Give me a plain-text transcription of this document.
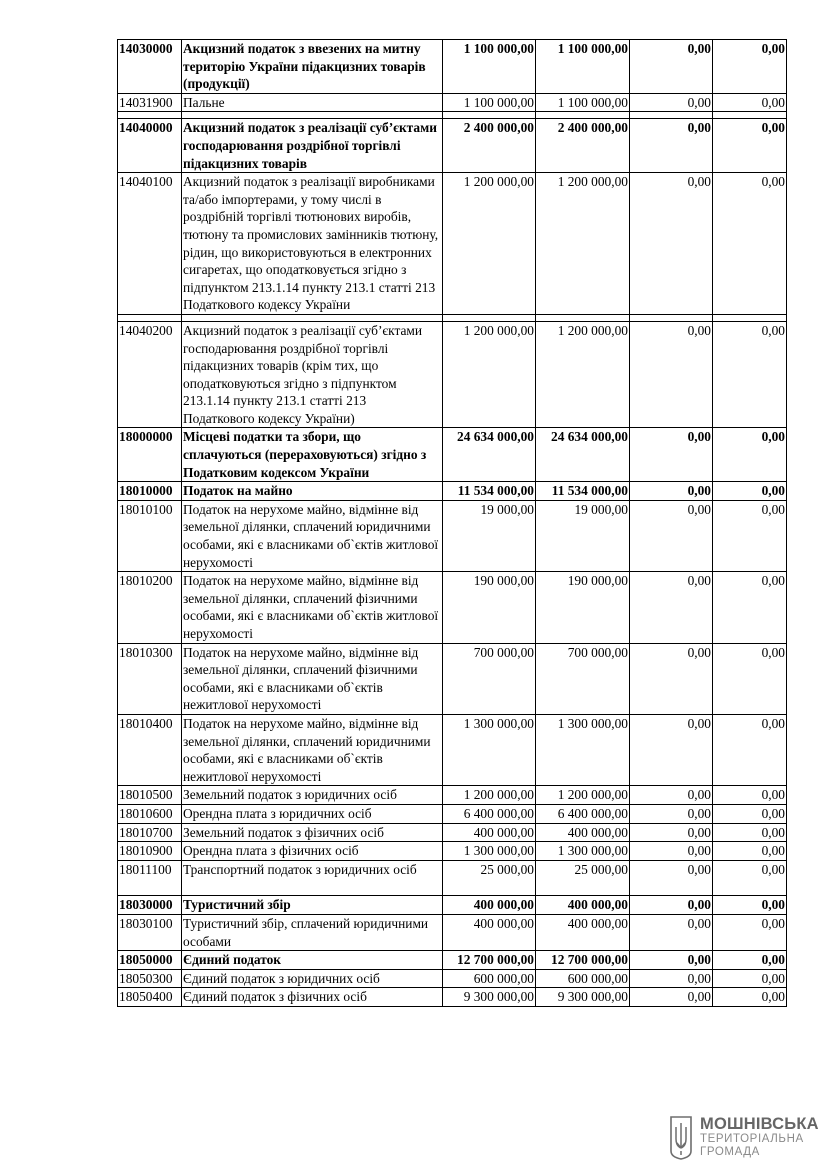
14030000	Акцизний податок з ввезених на митну територію України підакцизних товарів (продукції)	1 100 000,00	1 100 000,00	0,00	0,00
14031900	Пальне	1 100 000,00	1 100 000,00	0,00	0,00

14040000	Акцизний податок з реалізації суб’єктами господарювання роздрібної торгівлі підакцизних товарів	2 400 000,00	2 400 000,00	0,00	0,00
14040100	Акцизний податок з реалізації виробниками та/або імпортерами, у тому числі в роздрібній торгівлі тютюнових виробів, тютюну та промислових замінників тютюну, рідин, що використовуються в електронних сигаретах, що оподатковується згідно з підпунктом 213.1.14 пункту 213.1 статті 213 Податкового кодексу України	1 200 000,00	1 200 000,00	0,00	0,00

14040200	Акцизний податок з реалізації суб’єктами господарювання роздрібної торгівлі підакцизних товарів (крім тих, що оподатковуються згідно з підпунктом 213.1.14 пункту 213.1 статті 213 Податкового кодексу України)	1 200 000,00	1 200 000,00	0,00	0,00
18000000	Місцеві податки та збори, що сплачуються (перераховуються) згідно з Податковим кодексом України	24 634 000,00	24 634 000,00	0,00	0,00
18010000	Податок на майно	11 534 000,00	11 534 000,00	0,00	0,00
18010100	Податок на нерухоме майно, відмінне від земельної ділянки, сплачений юридичними особами, які є власниками об`єктів житлової нерухомості	19 000,00	19 000,00	0,00	0,00
18010200	Податок на нерухоме майно, відмінне від земельної ділянки, сплачений фізичними особами, які є власниками об`єктів житлової нерухомості	190 000,00	190 000,00	0,00	0,00
18010300	Податок на нерухоме майно, відмінне від земельної ділянки, сплачений фізичними особами, які є власниками об`єктів нежитлової нерухомості	700 000,00	700 000,00	0,00	0,00
18010400	Податок на нерухоме майно, відмінне від земельної ділянки, сплачений юридичними особами, які є власниками об`єктів нежитлової нерухомості	1 300 000,00	1 300 000,00	0,00	0,00
18010500	Земельний податок з юридичних осіб	1 200 000,00	1 200 000,00	0,00	0,00
18010600	Орендна плата з юридичних осіб	6 400 000,00	6 400 000,00	0,00	0,00
18010700	Земельний податок з фізичних осіб	400 000,00	400 000,00	0,00	0,00
18010900	Орендна плата з фізичних осіб	1 300 000,00	1 300 000,00	0,00	0,00
18011100	Транспортний податок з юридичних осіб	25 000,00	25 000,00	0,00	0,00
18030000	Туристичний збір	400 000,00	400 000,00	0,00	0,00
18030100	Туристичний збір, сплачений юридичними особами	400 000,00	400 000,00	0,00	0,00
18050000	Єдиний податок	12 700 000,00	12 700 000,00	0,00	0,00
18050300	Єдиний податок з юридичних осіб	600 000,00	600 000,00	0,00	0,00
18050400	Єдиний податок з фізичних осіб	9 300 000,00	9 300 000,00	0,00	0,00
МОШНІВСЬКА
ТЕРИТОРІАЛЬНА
ГРОМАДА
